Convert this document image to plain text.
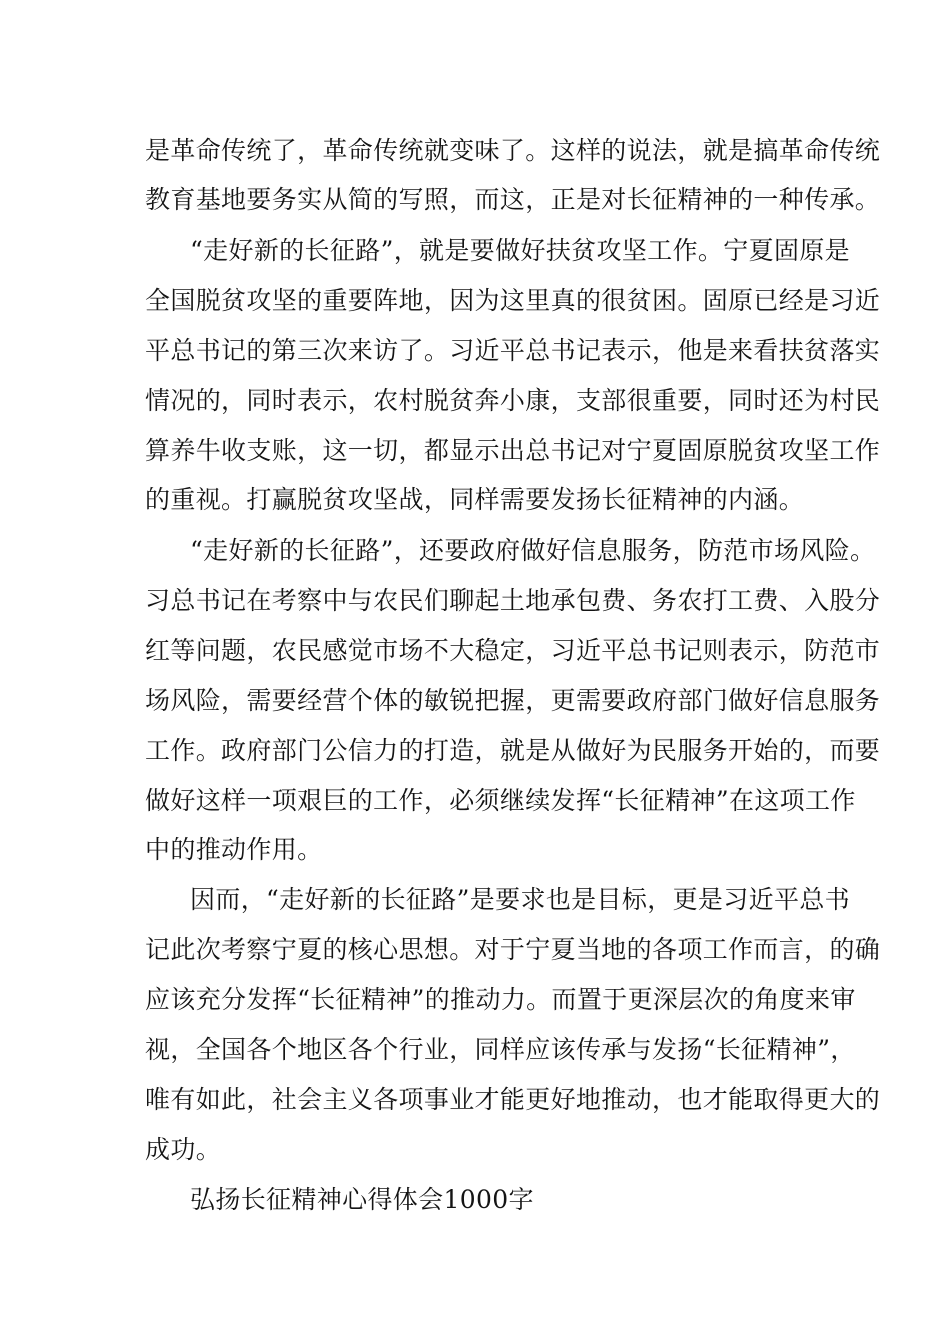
是革命传统了，革命传统就变味了。这样的说法，就是搞革命传统
教育基地要务实从简的写照，而这，正是对长征精神的一种传承。
“走好新的长征路”，就是要做好扶贫攻坚工作。宁夏固原是
全国脱贫攻坚的重要阵地，因为这里真的很贫困。固原已经是习近
平总书记的第三次来访了。习近平总书记表示，他是来看扶贫落实
情况的，同时表示，农村脱贫奔小康，支部很重要，同时还为村民
算养牛收支账，这一切，都显示出总书记对宁夏固原脱贫攻坚工作
的重视。打赢脱贫攻坚战，同样需要发扬长征精神的内涵。
“走好新的长征路”，还要政府做好信息服务，防范市场风险。
习总书记在考察中与农民们聊起土地承包费、务农打工费、入股分
红等问题，农民感觉市场不大稳定，习近平总书记则表示，防范市
场风险，需要经营个体的敏锐把握，更需要政府部门做好信息服务
工作。政府部门公信力的打造，就是从做好为民服务开始的，而要
做好这样一项艰巨的工作，必须继续发挥“长征精神”在这项工作
中的推动作用。
因而，“走好新的长征路”是要求也是目标，更是习近平总书
记此次考察宁夏的核心思想。对于宁夏当地的各项工作而言，的确
应该充分发挥“长征精神”的推动力。而置于更深层次的角度来审
视，全国各个地区各个行业，同样应该传承与发扬“长征精神”，
唯有如此，社会主义各项事业才能更好地推动，也才能取得更大的
成功。
弘扬长征精神心得体会1000字
